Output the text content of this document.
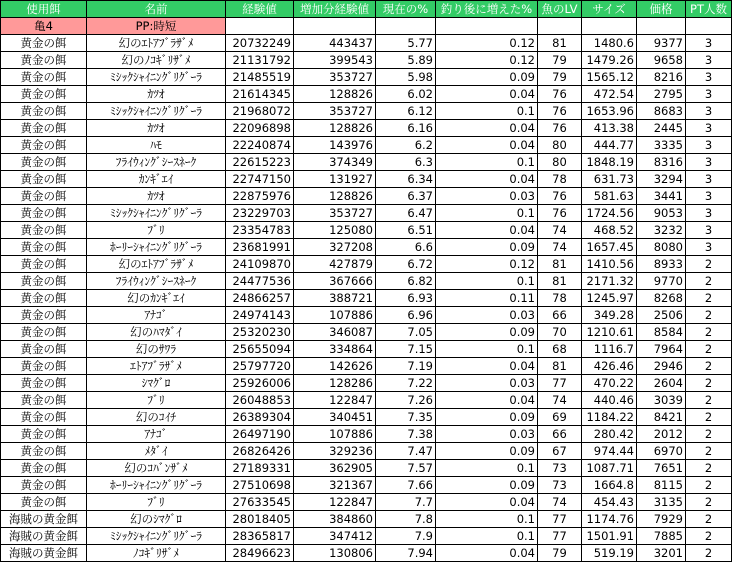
使用餌	名前	経験値	増加分経験値	現在の%	釣り後に増えた%	魚のLV	サイズ	価格	PT人数
亀4	PP:時短								
黄金の餌	幻のｴﾄｱﾌﾞﾗｻﾞﾒ	20732249	443437	5.77	0.12	81	1480.6	9377	3
黄金の餌	幻のﾉｺｷﾞﾘｻﾞﾒ	21131792	399543	5.89	0.12	79	1479.26	9658	3
黄金の餌	ﾐｼｯｸｼｬｲﾆﾝｸﾞﾘｸﾞｰﾗ	21485519	353727	5.98	0.09	79	1565.12	8216	3
黄金の餌	ｶﾂｵ	21614345	128826	6.02	0.04	76	472.54	2795	3
黄金の餌	ﾐｼｯｸｼｬｲﾆﾝｸﾞﾘｸﾞｰﾗ	21968072	353727	6.12	0.1	76	1653.96	8683	3
黄金の餌	ｶﾂｵ	22096898	128826	6.16	0.04	76	413.38	2445	3
黄金の餌	ﾊﾓ	22240874	143976	6.2	0.04	80	444.77	3335	3
黄金の餌	ﾌﾗｲｳｨﾝｸﾞｼｰｽﾈｰｸ	22615223	374349	6.3	0.1	80	1848.19	8316	3
黄金の餌	ｶﾝｷﾞｴｲ	22747150	131927	6.34	0.04	78	631.73	3294	3
黄金の餌	ｶﾂｵ	22875976	128826	6.37	0.03	76	581.63	3441	3
黄金の餌	ﾐｼｯｸｼｬｲﾆﾝｸﾞﾘｸﾞｰﾗ	23229703	353727	6.47	0.1	76	1724.56	9053	3
黄金の餌	ﾌﾞﾘ	23354783	125080	6.51	0.04	74	468.52	3232	3
黄金の餌	ﾎｰﾘｰｼｬｲﾆﾝｸﾞﾘｸﾞｰﾗ	23681991	327208	6.6	0.09	74	1657.45	8080	3
黄金の餌	幻のｴﾄｱﾌﾞﾗｻﾞﾒ	24109870	427879	6.72	0.12	81	1410.56	8933	2
黄金の餌	ﾌﾗｲｳｨﾝｸﾞｼｰｽﾈｰｸ	24477536	367666	6.82	0.1	81	2171.32	9770	2
黄金の餌	幻のｶﾝｷﾞｴｲ	24866257	388721	6.93	0.11	78	1245.97	8268	2
黄金の餌	ｱﾅｺﾞ	24974143	107886	6.96	0.03	66	349.28	2506	2
黄金の餌	幻のﾊﾏﾀﾞｲ	25320230	346087	7.05	0.09	70	1210.61	8584	2
黄金の餌	幻のｻﾜﾗ	25655094	334864	7.15	0.1	68	1116.7	7964	2
黄金の餌	ｴﾄｱﾌﾞﾗｻﾞﾒ	25797720	142626	7.19	0.04	81	426.46	2946	2
黄金の餌	ｼﾏｸﾞﾛ	25926006	128286	7.22	0.03	77	470.22	2604	2
黄金の餌	ﾌﾞﾘ	26048853	122847	7.26	0.04	74	440.46	3039	2
黄金の餌	幻のｺｲﾁ	26389304	340451	7.35	0.09	69	1184.22	8421	2
黄金の餌	ｱﾅｺﾞ	26497190	107886	7.38	0.03	66	280.42	2012	2
黄金の餌	ﾒﾀﾞｲ	26826426	329236	7.47	0.09	67	974.44	6970	2
黄金の餌	幻のｺﾊﾞﾝｻﾞﾒ	27189331	362905	7.57	0.1	73	1087.71	7651	2
黄金の餌	ﾎｰﾘｰｼｬｲﾆﾝｸﾞﾘｸﾞｰﾗ	27510698	321367	7.66	0.09	73	1664.8	8115	2
黄金の餌	ﾌﾞﾘ	27633545	122847	7.7	0.04	74	454.43	3135	2
海賊の黄金餌	幻のｼﾏｸﾞﾛ	28018405	384860	7.8	0.1	77	1174.76	7929	2
海賊の黄金餌	ﾐｼｯｸｼｬｲﾆﾝｸﾞﾘｸﾞｰﾗ	28365817	347412	7.9	0.1	77	1501.91	7885	2
海賊の黄金餌	ﾉｺｷﾞﾘｻﾞﾒ	28496623	130806	7.94	0.04	79	519.19	3201	2
